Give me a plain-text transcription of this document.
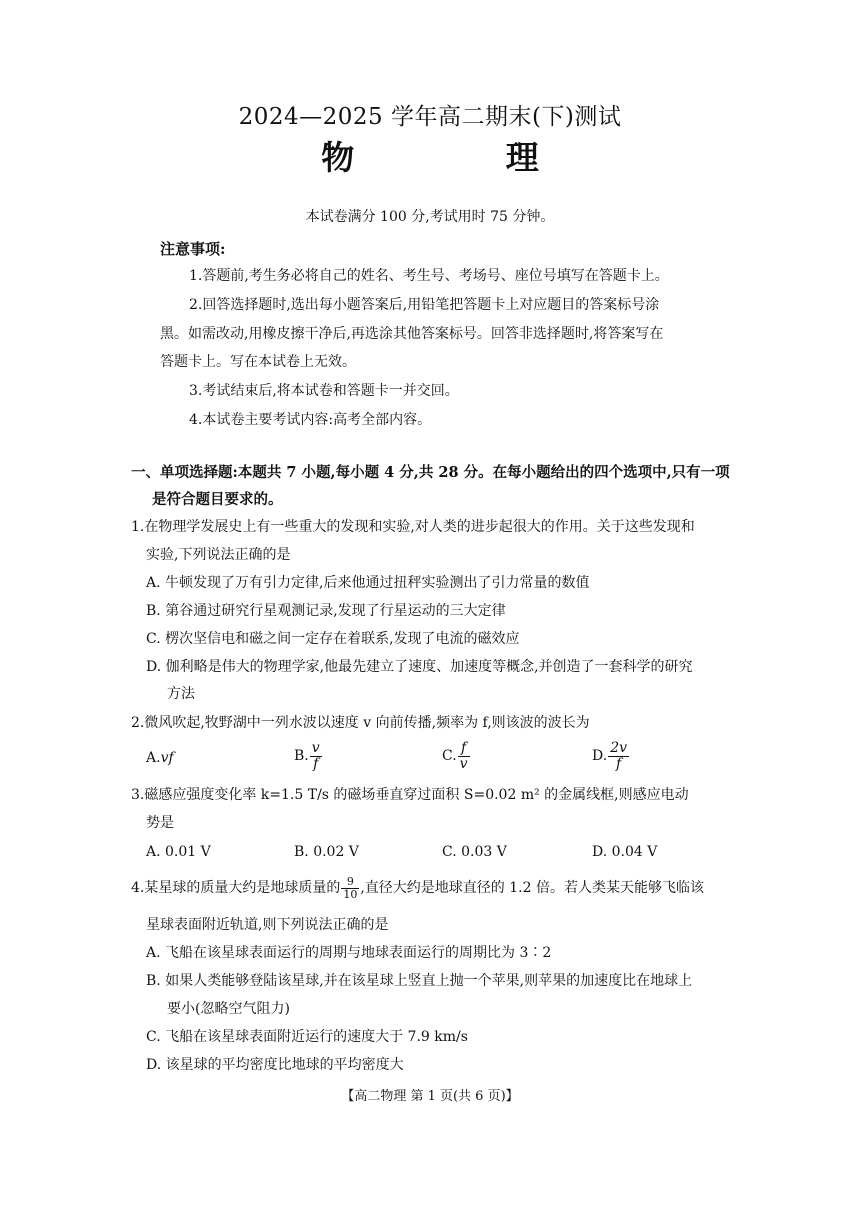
2024—2025 学年高二期末(下)测试
物 理
本试卷满分 100 分,考试用时 75 分钟。
注意事项:
1.答题前,考生务必将自己的姓名、考生号、考场号、座位号填写在答题卡上。
2.回答选择题时,选出每小题答案后,用铅笔把答题卡上对应题目的答案标号涂
黑。如需改动,用橡皮擦干净后,再选涂其他答案标号。回答非选择题时,将答案写在
答题卡上。写在本试卷上无效。
3.考试结束后,将本试卷和答题卡一并交回。
4.本试卷主要考试内容:高考全部内容。
一、单项选择题:本题共 7 小题,每小题 4 分,共 28 分。在每小题给出的四个选项中,只有一项
是符合题目要求的。
1.在物理学发展史上有一些重大的发现和实验,对人类的进步起很大的作用。关于这些发现和
实验,下列说法正确的是
A. 牛顿发现了万有引力定律,后来他通过扭秤实验测出了引力常量的数值
B. 第谷通过研究行星观测记录,发现了行星运动的三大定律
C. 楞次坚信电和磁之间一定存在着联系,发现了电流的磁效应
D. 伽利略是伟大的物理学家,他最先建立了速度、加速度等概念,并创造了一套科学的研究
方法
2.微风吹起,牧野湖中一列水波以速度 v 向前传播,频率为 f,则该波的波长为
A.vf	B. $\frac{v}{f}$	C. $\frac{f}{v}$	D. $\frac{2v}{f}$
3.磁感应强度变化率 k=1.5 T/s 的磁场垂直穿过面积 S=0.02 m² 的金属线框,则感应电动
势是
A. 0.01 V	B. 0.02 V	C. 0.03 V	D. 0.04 V
4.某星球的质量大约是地球质量的 $\frac{9}{10}$ ,直径大约是地球直径的 1.2 倍。若人类某天能够飞临该
星球表面附近轨道,则下列说法正确的是
A. 飞船在该星球表面运行的周期与地球表面运行的周期比为 3∶2
B. 如果人类能够登陆该星球,并在该星球上竖直上抛一个苹果,则苹果的加速度比在地球上
要小(忽略空气阻力)
C. 飞船在该星球表面附近运行的速度大于 7.9 km/s
D. 该星球的平均密度比地球的平均密度大
【高二物理 第 1 页(共 6 页)】
